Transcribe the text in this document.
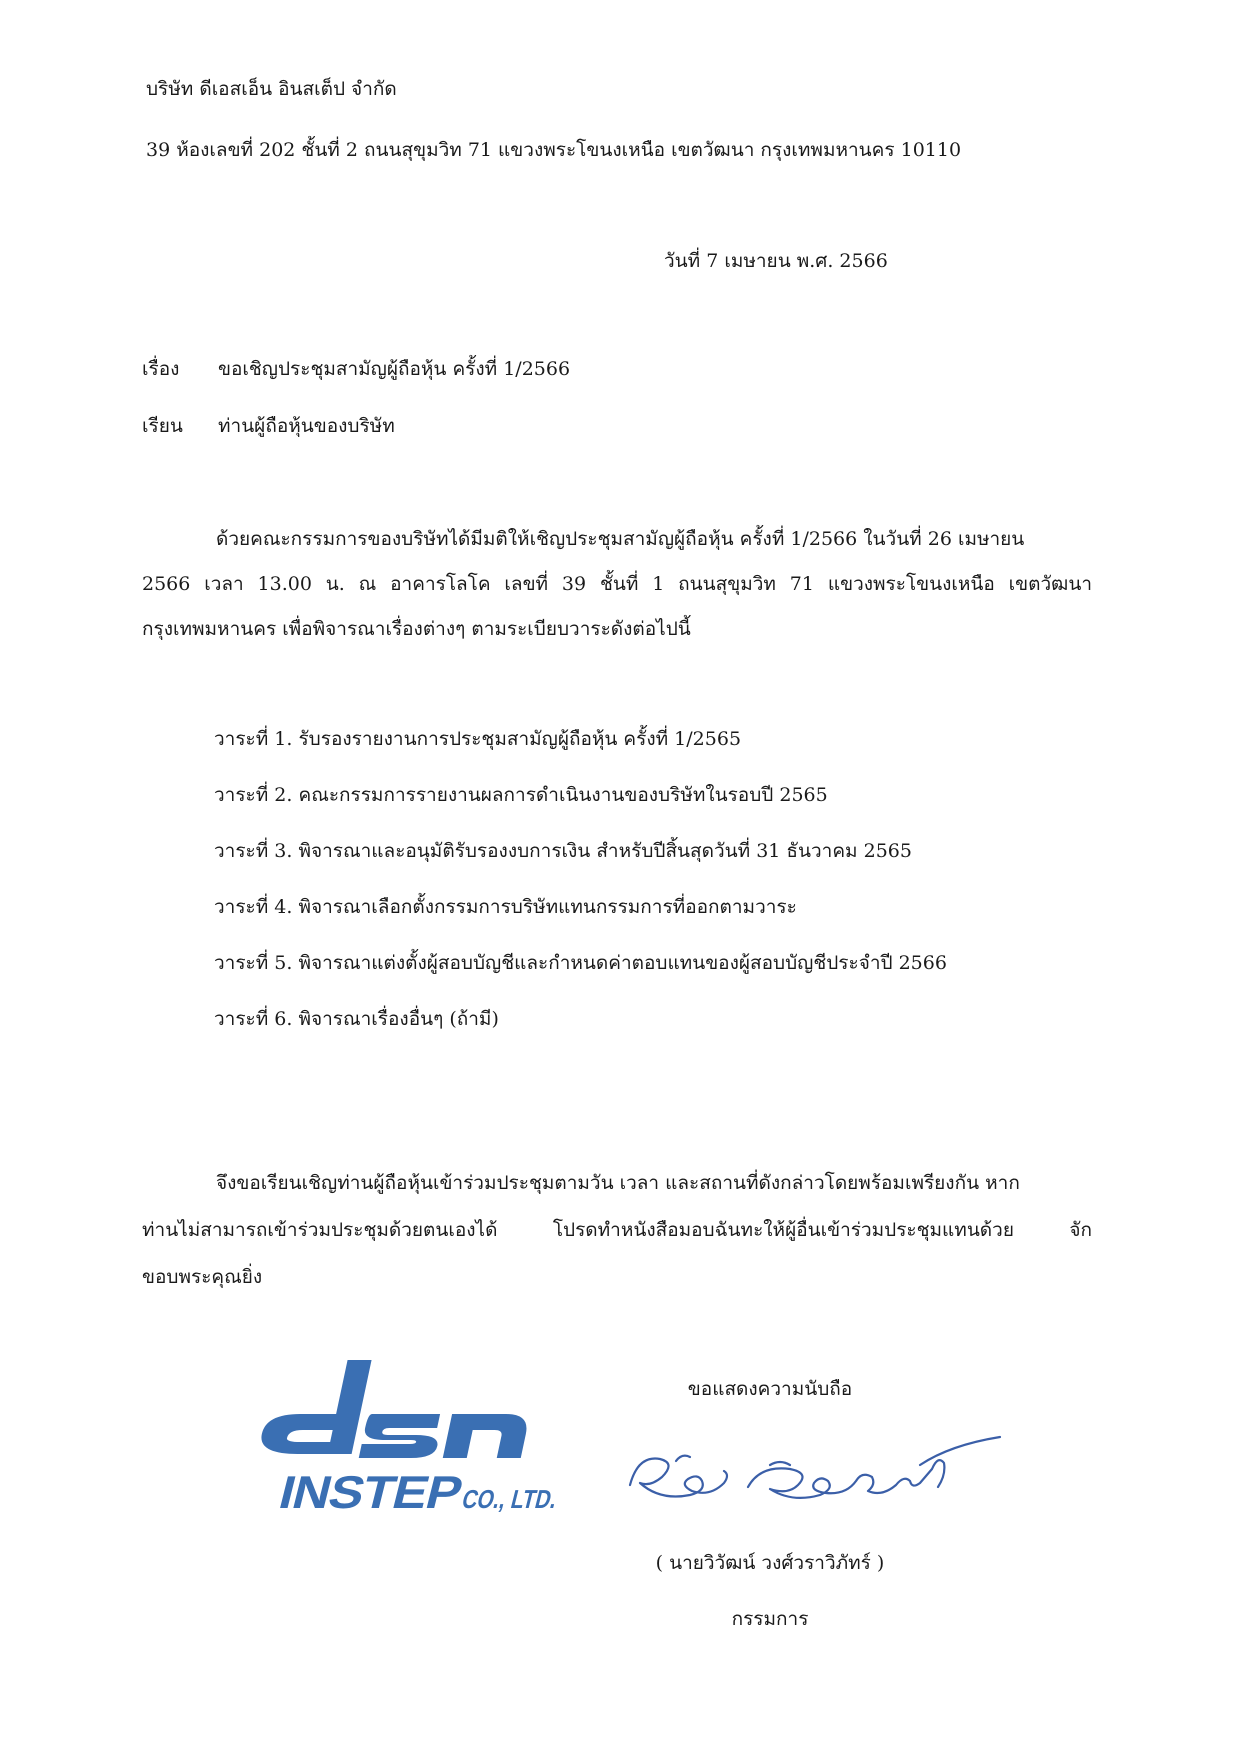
บริษัท ดีเอสเอ็น อินสเต็ป จำกัด
39 ห้องเลขที่ 202 ชั้นที่ 2 ถนนสุขุมวิท 71 แขวงพระโขนงเหนือ เขตวัฒนา กรุงเทพมหานคร 10110
วันที่ 7 เมษายน พ.ศ. 2566
เรื่อง ขอเชิญประชุมสามัญผู้ถือหุ้น ครั้งที่ 1/2566
เรียน ท่านผู้ถือหุ้นของบริษัท
ด้วยคณะกรรมการของบริษัทได้มีมติให้เชิญประชุมสามัญผู้ถือหุ้น ครั้งที่ 1/2566 ในวันที่ 26 เมษายน
2566 เวลา 13.00 น. ณ อาคารโลโค เลขที่ 39 ชั้นที่ 1 ถนนสุขุมวิท 71 แขวงพระโขนงเหนือ เขตวัฒนา
กรุงเทพมหานคร เพื่อพิจารณาเรื่องต่างๆ ตามระเบียบวาระดังต่อไปนี้
วาระที่ 1. รับรองรายงานการประชุมสามัญผู้ถือหุ้น ครั้งที่ 1/2565
วาระที่ 2. คณะกรรมการรายงานผลการดำเนินงานของบริษัทในรอบปี 2565
วาระที่ 3. พิจารณาและอนุมัติรับรองงบการเงิน สำหรับปีสิ้นสุดวันที่ 31 ธันวาคม 2565
วาระที่ 4. พิจารณาเลือกตั้งกรรมการบริษัทแทนกรรมการที่ออกตามวาระ
วาระที่ 5. พิจารณาแต่งตั้งผู้สอบบัญชีและกำหนดค่าตอบแทนของผู้สอบบัญชีประจำปี 2566
วาระที่ 6. พิจารณาเรื่องอื่นๆ (ถ้ามี)
จึงขอเรียนเชิญท่านผู้ถือหุ้นเข้าร่วมประชุมตามวัน เวลา และสถานที่ดังกล่าวโดยพร้อมเพรียงกัน หาก
ท่านไม่สามารถเข้าร่วมประชุมด้วยตนเองได้ โปรดทำหนังสือมอบฉันทะให้ผู้อื่นเข้าร่วมประชุมแทนด้วย จัก
ขอบพระคุณยิ่ง
ขอแสดงความนับถือ
INSTEP CO., LTD.
( นายวิวัฒน์ วงศ์วราวิภัทร์ )
กรรมการ
